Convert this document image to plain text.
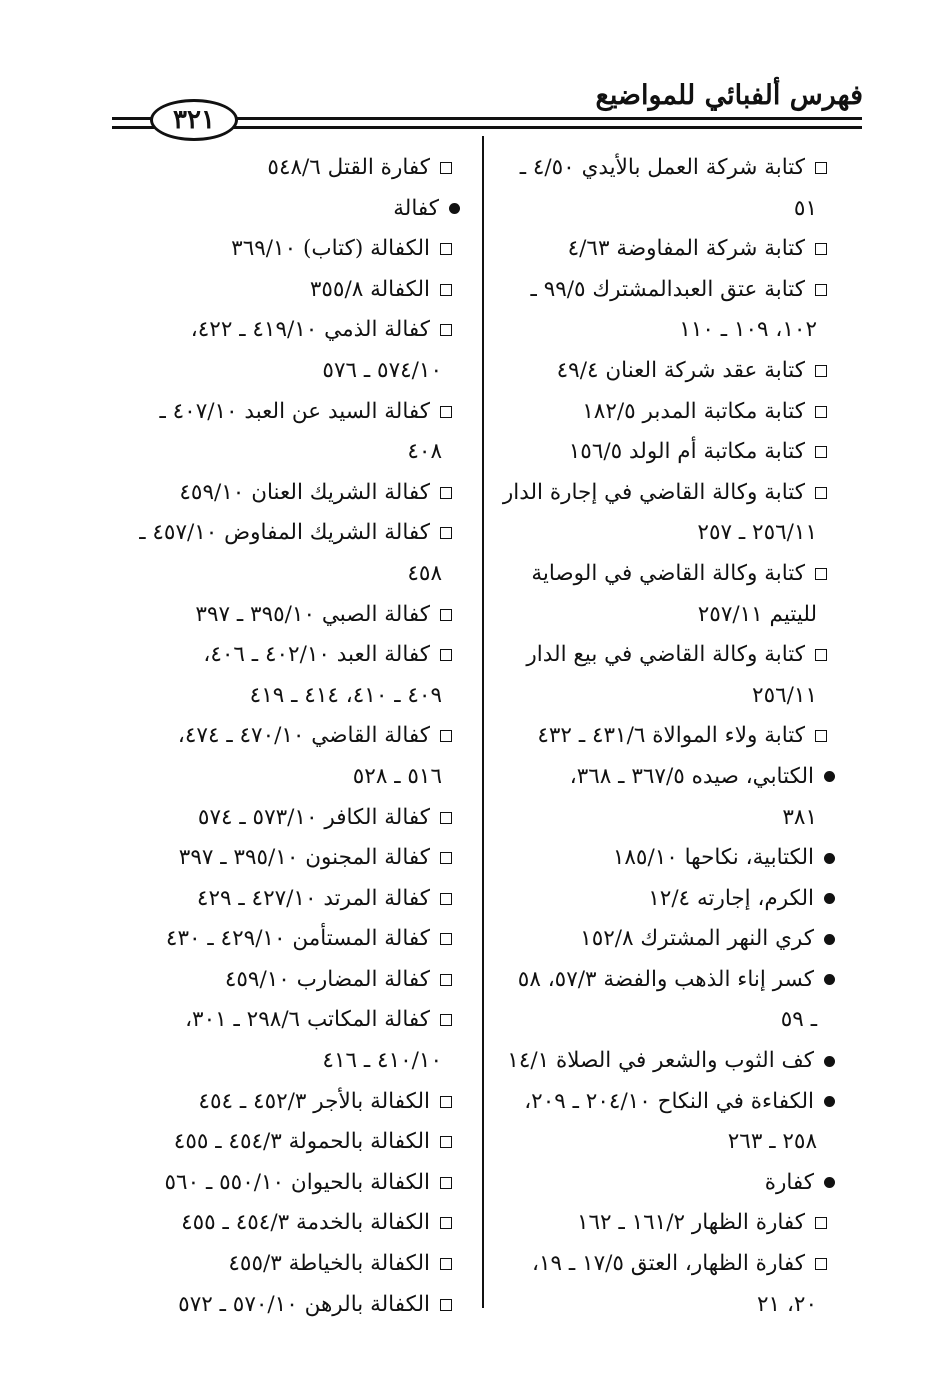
فهرس ألفبائي للمواضيع
٣٢١
كتابة شركة العمل بالأيدي ٤/٥٠ ـ
٥١
كتابة شركة المفاوضة ٤/٦٣
كتابة عتق العبدالمشترك ٩٩/٥ ـ
١٠٢، ١٠٩ ـ ١١٠
كتابة عقد شركة العنان ٤٩/٤
كتابة مكاتبة المدبر ١٨٢/٥
كتابة مكاتبة أم الولد ١٥٦/٥
كتابة وكالة القاضي في إجارة الدار
٢٥٦/١١ ـ ٢٥٧
كتابة وكالة القاضي في الوصاية
لليتيم ٢٥٧/١١
كتابة وكالة القاضي في بيع الدار
٢٥٦/١١
كتابة ولاء الموالاة ٤٣١/٦ ـ ٤٣٢
الكتابي، صيده ٣٦٧/٥ ـ ٣٦٨،
٣٨١
الكتابية، نكاحها ١٨٥/١٠
الكرم، إجارته ١٢/٤
كري النهر المشترك ١٥٢/٨
كسر إناء الذهب والفضة ٥٧/٣، ٥٨
ـ ٥٩
كف الثوب والشعر في الصلاة ١٤/١
الكفاءة في النكاح ٢٠٤/١٠ ـ ٢٠٩،
٢٥٨ ـ ٢٦٣
كفارة
كفارة الظهار ١٦١/٢ ـ ١٦٢
كفارة الظهار، العتق ١٧/٥ ـ ١٩،
٢٠، ٢١
كفارة القتل ٥٤٨/٦
كفالة
الكفالة (كتاب) ٣٦٩/١٠
الكفالة ٣٥٥/٨
كفالة الذمي ٤١٩/١٠ ـ ٤٢٢،
٥٧٤/١٠ ـ ٥٧٦
كفالة السيد عن العبد ٤٠٧/١٠ ـ
٤٠٨
كفالة الشريك العنان ٤٥٩/١٠
كفالة الشريك المفاوض ٤٥٧/١٠ ـ
٤٥٨
كفالة الصبي ٣٩٥/١٠ ـ ٣٩٧
كفالة العبد ٤٠٢/١٠ ـ ٤٠٦،
٤٠٩ ـ ٤١٠، ٤١٤ ـ ٤١٩
كفالة القاضي ٤٧٠/١٠ ـ ٤٧٤،
٥١٦ ـ ٥٢٨
كفالة الكافر ٥٧٣/١٠ ـ ٥٧٤
كفالة المجنون ٣٩٥/١٠ ـ ٣٩٧
كفالة المرتد ٤٢٧/١٠ ـ ٤٢٩
كفالة المستأمن ٤٢٩/١٠ ـ ٤٣٠
كفالة المضارب ٤٥٩/١٠
كفالة المكاتب ٢٩٨/٦ ـ ٣٠١،
٤١٠/١٠ ـ ٤١٦
الكفالة بالأجر ٤٥٢/٣ ـ ٤٥٤
الكفالة بالحمولة ٤٥٤/٣ ـ ٤٥٥
الكفالة بالحيوان ٥٥٠/١٠ ـ ٥٦٠
الكفالة بالخدمة ٤٥٤/٣ ـ ٤٥٥
الكفالة بالخياطة ٤٥٥/٣
الكفالة بالرهن ٥٧٠/١٠ ـ ٥٧٢
